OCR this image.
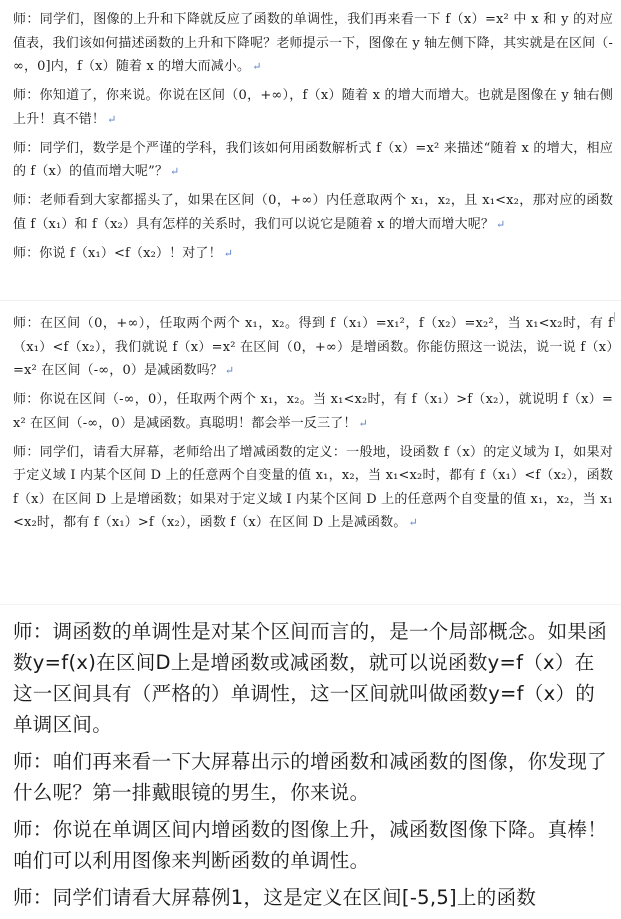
师：同学们，图像的上升和下降就反应了函数的单调性，我们再来看一下 f（x）=x² 中 x 和 y 的对应值表，我们该如何描述函数的上升和下降呢？老师提示一下，图像在 y 轴左侧下降，其实就是在区间（-∞，0]内，f（x）随着 x 的增大而减小。 ↵

师：你知道了，你来说。你说在区间（0，+∞），f（x）随着 x 的增大而增大。也就是图像在 y 轴右侧上升！真不错！ ↵

师：同学们，数学是个严谨的学科，我们该如何用函数解析式 f（x）=x² 来描述“随着 x 的增大，相应的 f（x）的值而增大呢”？ ↵

师：老师看到大家都摇头了，如果在区间（0，+∞）内任意取两个 x₁，x₂，且 x₁<x₂，那对应的函数值 f（x₁）和 f（x₂）具有怎样的关系时，我们可以说它是随着 x 的增大而增大呢？ ↵

师：你说 f（x₁）<f（x₂）！对了！ ↵

师：在区间（0，+∞），任取两个两个 x₁，x₂。得到 f（x₁）=x₁²，f（x₂）=x₂²，当 x₁<x₂时，有 f（x₁）<f（x₂），我们就说 f（x）=x² 在区间（0，+∞）是增函数。你能仿照这一说法，说一说 f（x）=x² 在区间（-∞，0）是减函数吗？ ↵

师：你说在区间（-∞，0），任取两个两个 x₁，x₂。当 x₁<x₂时，有 f（x₁）>f（x₂），就说明 f（x）=x² 在区间（-∞，0）是减函数。真聪明！都会举一反三了！ ↵

师：同学们，请看大屏幕，老师给出了增减函数的定义：一般地，设函数 f（x）的定义域为 I，如果对于定义域 I 内某个区间 D 上的任意两个自变量的值 x₁，x₂，当 x₁<x₂时，都有 f（x₁）<f（x₂），函数 f（x）在区间 D 上是增函数；如果对于定义域 I 内某个区间 D 上的任意两个自变量的值 x₁，x₂，当 x₁<x₂时，都有 f（x₁）>f（x₂），函数 f（x）在区间 D 上是减函数。 ↵

师：调函数的单调性是对某个区间而言的，是一个局部概念。如果函数y=f(x)在区间D上是增函数或减函数，就可以说函数y=f（x）在这一区间具有（严格的）单调性，这一区间就叫做函数y=f（x）的单调区间。

师：咱们再来看一下大屏幕出示的增函数和减函数的图像，你发现了什么呢？第一排戴眼镜的男生，你来说。

师：你说在单调区间内增函数的图像上升，减函数图像下降。真棒！咱们可以利用图像来判断函数的单调性。

师：同学们请看大屏幕例1，这是定义在区间[-5,5]上的函数
